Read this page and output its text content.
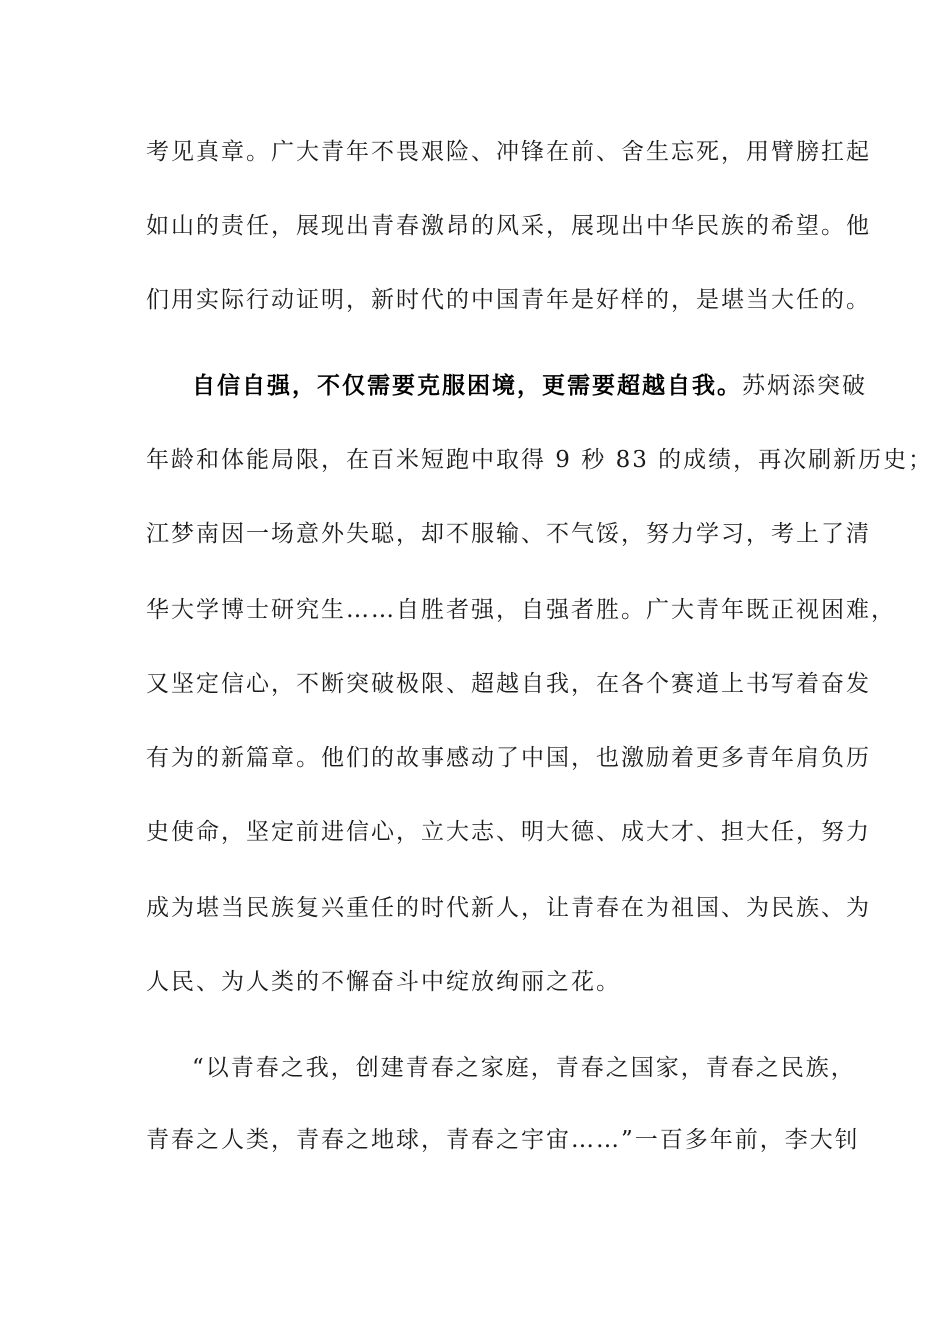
考见真章。广大青年不畏艰险、冲锋在前、舍生忘死，用臂膀扛起
如山的责任，展现出青春激昂的风采，展现出中华民族的希望。他
们用实际行动证明，新时代的中国青年是好样的，是堪当大任的。
自信自强，不仅需要克服困境，更需要超越自我。苏炳添突破
年龄和体能局限，在百米短跑中取得 9 秒 83 的成绩，再次刷新历史；
江梦南因一场意外失聪，却不服输、不气馁，努力学习，考上了清
华大学博士研究生……自胜者强，自强者胜。广大青年既正视困难，
又坚定信心，不断突破极限、超越自我，在各个赛道上书写着奋发
有为的新篇章。他们的故事感动了中国，也激励着更多青年肩负历
史使命，坚定前进信心，立大志、明大德、成大才、担大任，努力
成为堪当民族复兴重任的时代新人，让青春在为祖国、为民族、为
人民、为人类的不懈奋斗中绽放绚丽之花。
“以青春之我，创建青春之家庭，青春之国家，青春之民族，
青春之人类，青春之地球，青春之宇宙……”一百多年前，李大钊
